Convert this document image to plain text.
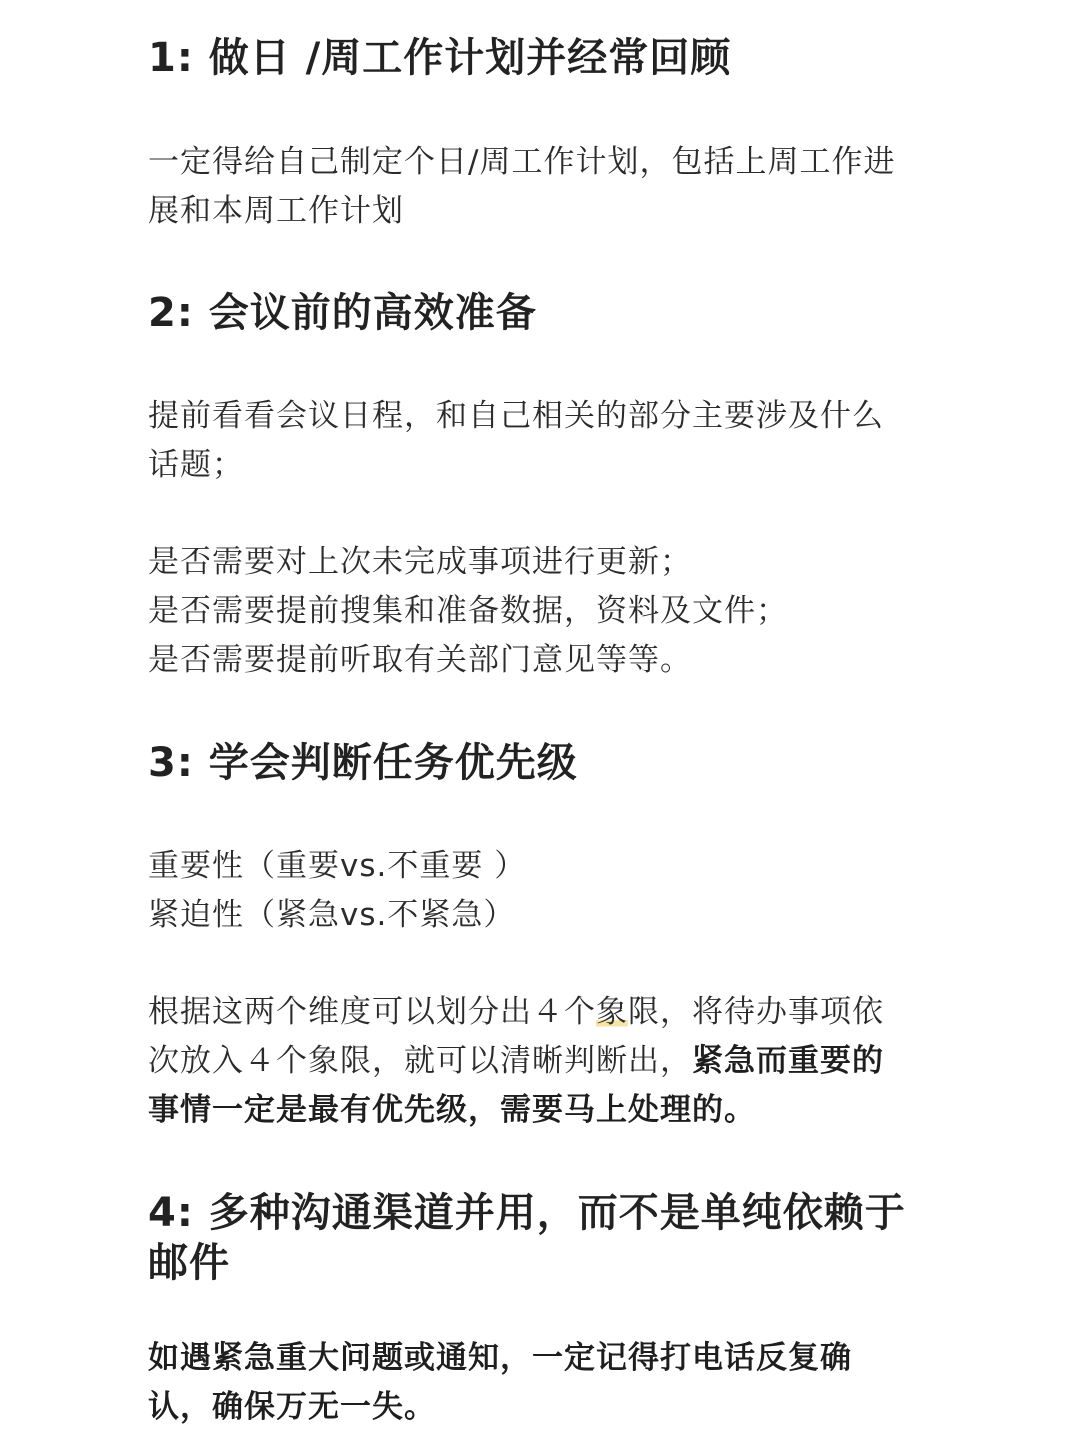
1: 做日 /周工作计划并经常回顾

一定得给自己制定个日/周工作计划，包括上周工作进
展和本周工作计划

2: 会议前的高效准备

提前看看会议日程，和自己相关的部分主要涉及什么
话题；

是否需要对上次未完成事项进行更新；
是否需要提前搜集和准备数据，资料及文件；
是否需要提前听取有关部门意见等等。

3: 学会判断任务优先级

重要性（重要vs.不重要 ）
紧迫性（紧急vs.不紧急）

根据这两个维度可以划分出４个象限，将待办事项依
次放入４个象限，就可以清晰判断出，紧急而重要的
事情一定是最有优先级，需要马上处理的。

4: 多种沟通渠道并用，而不是单纯依赖于
邮件

如遇紧急重大问题或通知，一定记得打电话反复确
认，确保万无一失。
